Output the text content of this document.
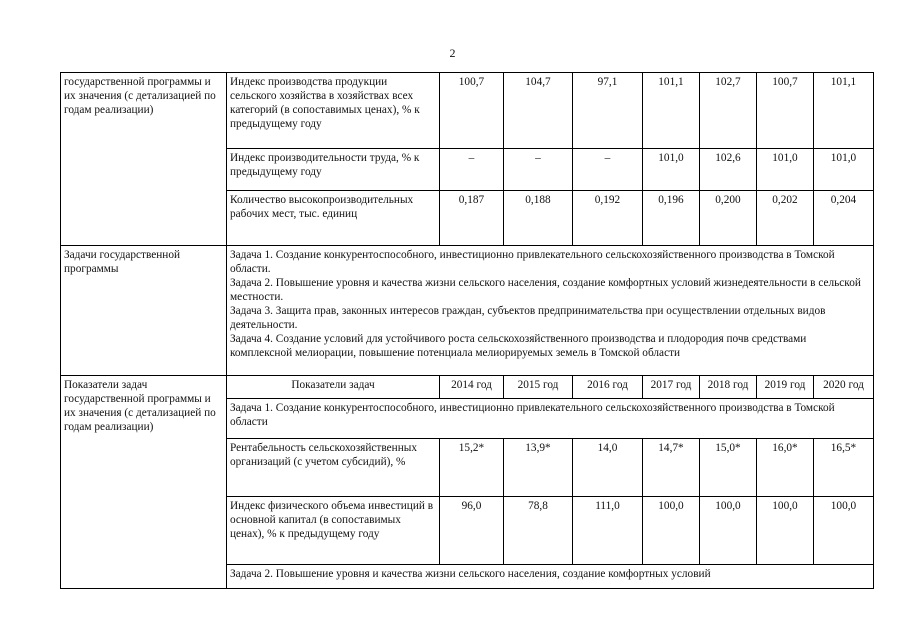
2
государственной программы и их значения (с детализацией по годам реализации)	Индекс производства продукции сельского хозяйства в хозяйствах всех категорий (в сопоставимых ценах), % к предыдущему году	100,7	104,7	97,1	101,1	102,7	100,7	101,1
	Индекс производительности труда, % к предыдущему году	–	–	–	101,0	102,6	101,0	101,0
	Количество высокопроизводительных рабочих мест, тыс. единиц	0,187	0,188	0,192	0,196	0,200	0,202	0,204
Задачи государственной программы	Задача 1. Создание конкурентоспособного, инвестиционно привлекательного сельскохозяйственного производства в Томской области.
Задача 2. Повышение уровня и качества жизни сельского населения, создание комфортных условий жизнедеятельности в сельской местности.
Задача 3. Защита прав, законных интересов граждан, субъектов предпринимательства при осуществлении отдельных видов деятельности.
Задача 4. Создание условий для устойчивого роста сельскохозяйственного производства и плодородия почв средствами комплексной мелиорации, повышение потенциала мелиорируемых земель в Томской области							

Показатели задач государственной программы и их значения (с детализацией по годам реализации)	Показатели задач	2014 год	2015 год	2016 год	2017 год	2018 год	2019 год	2020 год
	Задача 1. Создание конкурентоспособного, инвестиционно привлекательного сельскохозяйственного производства в Томской области							
	Рентабельность сельскохозяйственных организаций (с учетом субсидий), %	15,2*	13,9*	14,0	14,7*	15,0*	16,0*	16,5*
	Индекс физического объема инвестиций в основной капитал (в сопоставимых ценах), % к предыдущему году	96,0	78,8	111,0	100,0	100,0	100,0	100,0
	Задача 2. Повышение уровня и качества жизни сельского населения, создание комфортных условий							
